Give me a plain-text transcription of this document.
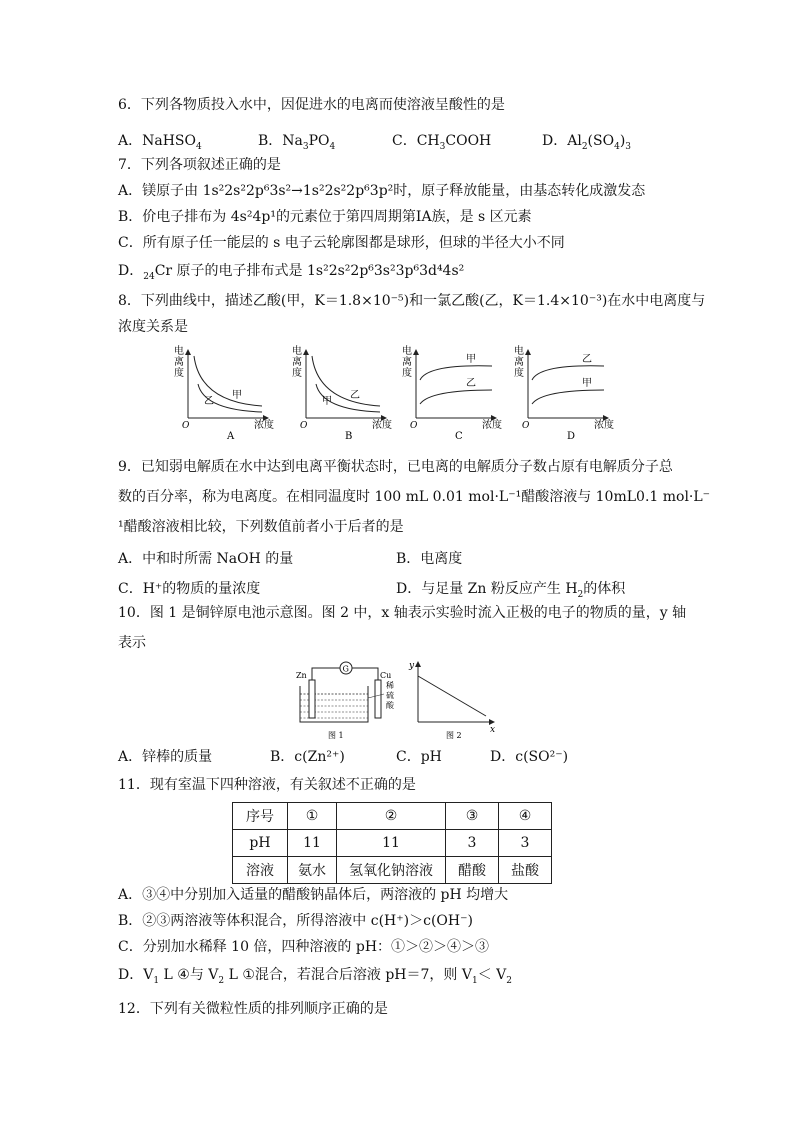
6．下列各物质投入水中，因促进水的电离而使溶液呈酸性的是
A．NaHSO$_4$	B．$Na_3PO_4$	C．$CH_3COOH$	D．$Al_2(SO_4)_3$
7．下列各项叙述正确的是
A．镁原子由 1s²2s²2p⁶3s²→1s²2s²2p⁶3p²时，原子释放能量，由基态转化成激发态
B．价电子排布为 4s²4p¹的元素位于第四周期第ⅠA族，是 s 区元素
C．所有原子任一能层的 s 电子云轮廓图都是球形，但球的半径大小不同
D．$_{24}$Cr 原子的电子排布式是 1s²2s²2p⁶3s²3p⁶3d⁴4s²
8．下列曲线中，描述乙酸(甲，K＝1.8×10⁻⁵)和一氯乙酸(乙，K＝1.4×10⁻³)在水中电离度与
浓度关系是
电
离
度
O	浓度
甲
乙
A
电
离
度
O	浓度
乙
甲
B
电
离
度
O	浓度
甲
乙
C
电
离
度
O	浓度
乙
甲
D
9．已知弱电解质在水中达到电离平衡状态时，已电离的电解质分子数占原有电解质分子总
数的百分率，称为电离度。在相同温度时 100 mL 0.01 mol·L⁻¹醋酸溶液与 10mL0.1 mol·L⁻
¹醋酸溶液相比较，下列数值前者小于后者的是
A．中和时所需 NaOH 的量	B．电离度
C．H⁺的物质的量浓度	D．与足量 Zn 粉反应产生 $H_2$的体积
10．图 1 是铜锌原电池示意图。图 2 中，x 轴表示实验时流入正极的电子的物质的量，y 轴
表示
G
Zn	Cu
稀
硫
酸
图 1
y
x
图 2
A．锌棒的质量	B．c(Zn²⁺)	C．pH	D．c(SO²⁻)
11．现有室温下四种溶液，有关叙述不正确的是
序号	①	②	③	④
pH	11	11	3	3
溶液	氨水	氢氧化钠溶液	醋酸	盐酸
A．③④中分别加入适量的醋酸钠晶体后，两溶液的 pH 均增大
B．②③两溶液等体积混合，所得溶液中 c(H⁺)＞c(OH⁻)
C．分别加水稀释 10 倍，四种溶液的 pH：①＞②＞④＞③
D．$V_1$ L ④与 $V_2$ L ①混合，若混合后溶液 pH＝7，则 $V_1< V_2$
12．下列有关微粒性质的排列顺序正确的是
